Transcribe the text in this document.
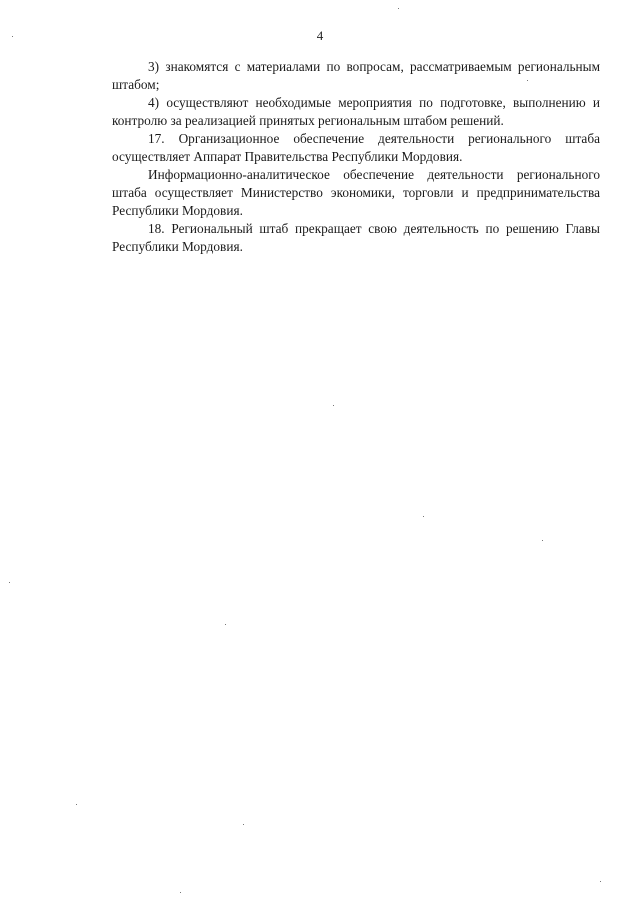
4

3) знакомятся с материалами по вопросам, рассматриваемым региональным штабом;

4) осуществляют необходимые мероприятия по подготовке, выполнению и контролю за реализацией принятых региональным штабом решений.

17. Организационное обеспечение деятельности регионального штаба осуществляет Аппарат Правительства Республики Мордовия.

Информационно-аналитическое обеспечение деятельности регионального штаба осуществляет Министерство экономики, торговли и предпринимательства Республики Мордовия.

18. Региональный штаб прекращает свою деятельность по решению Главы Республики Мордовия.
